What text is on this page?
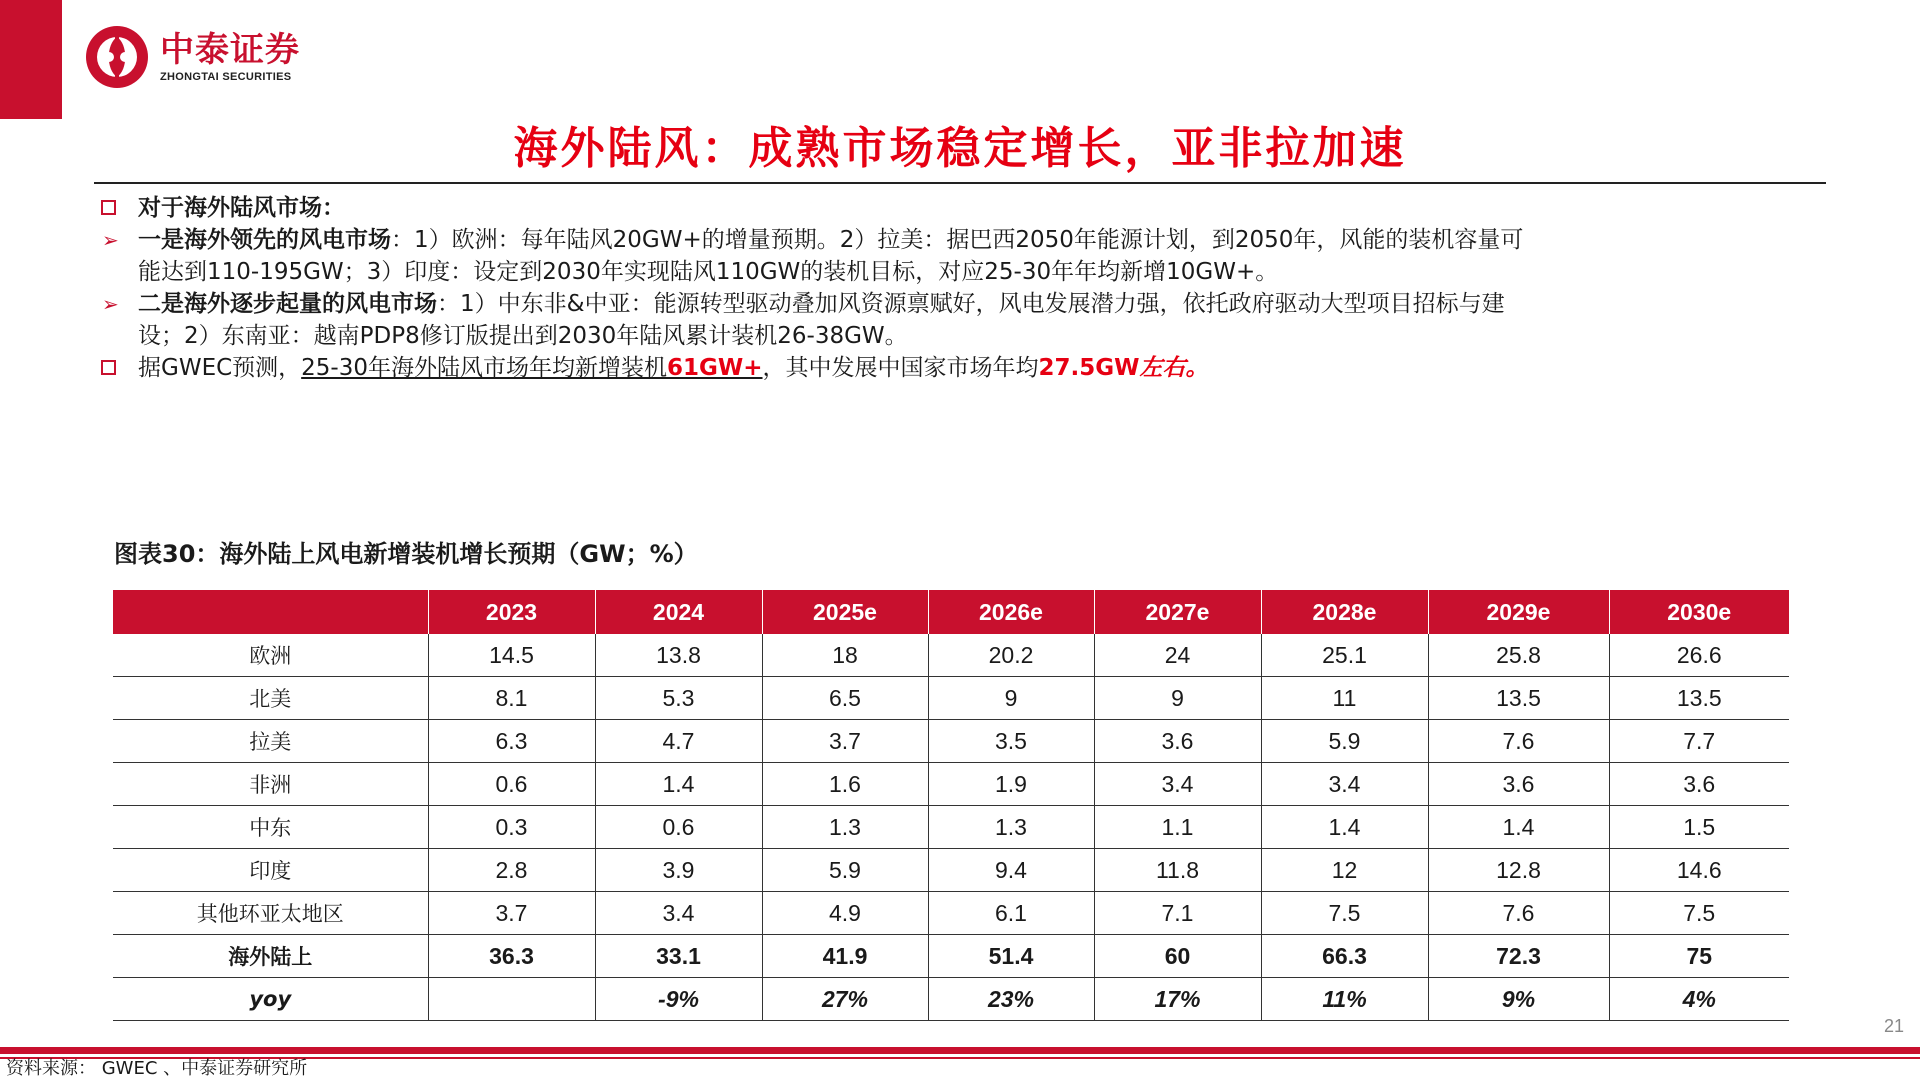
中泰证券
ZHONGTAI SECURITIES
海外陆风：成熟市场稳定增长，亚非拉加速
对于海外陆风市场：
➢ 一是海外领先的风电市场：1）欧洲：每年陆风20GW+的增量预期。2）拉美：据巴西2050年能源计划，到2050年，风能的装机容量可
能达到110-195GW；3）印度：设定到2030年实现陆风110GW的装机目标，对应25-30年年均新增10GW+。
➢ 二是海外逐步起量的风电市场：1）中东非&中亚：能源转型驱动叠加风资源禀赋好，风电发展潜力强，依托政府驱动大型项目招标与建
设；2）东南亚：越南PDP8修订版提出到2030年陆风累计装机26-38GW。
据GWEC预测，25-30年海外陆风市场年均新增装机61GW+，其中发展中国家市场年均27.5GW左右。
图表30：海外陆上风电新增装机增长预期（GW；%）
	2023	2024	2025e	2026e	2027e	2028e	2029e	2030e
欧洲	14.5	13.8	18	20.2	24	25.1	25.8	26.6
北美	8.1	5.3	6.5	9	9	11	13.5	13.5
拉美	6.3	4.7	3.7	3.5	3.6	5.9	7.6	7.7
非洲	0.6	1.4	1.6	1.9	3.4	3.4	3.6	3.6
中东	0.3	0.6	1.3	1.3	1.1	1.4	1.4	1.5
印度	2.8	3.9	5.9	9.4	11.8	12	12.8	14.6
其他环亚太地区	3.7	3.4	4.9	6.1	7.1	7.5	7.6	7.5
海外陆上	36.3	33.1	41.9	51.4	60	66.3	72.3	75
yoy		-9%	27%	23%	17%	11%	9%	4%
21
资料来源： GWEC 、中泰证券研究所
